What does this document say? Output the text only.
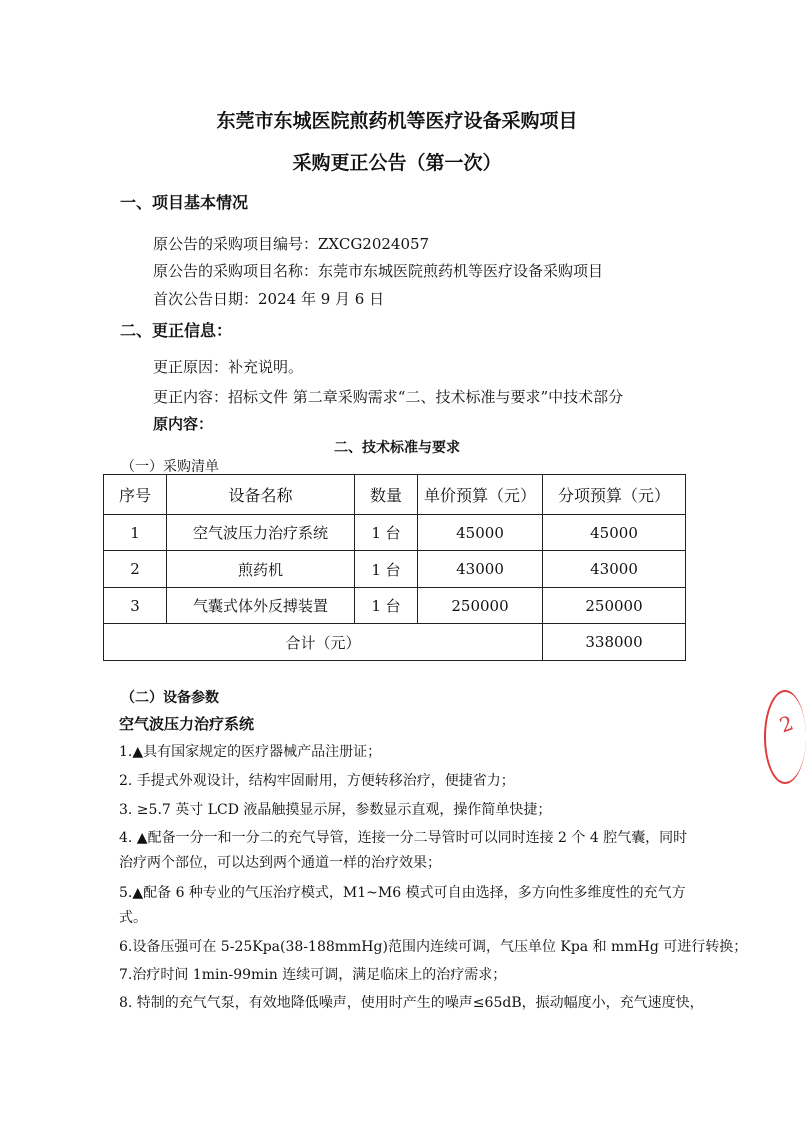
东莞市东城医院煎药机等医疗设备采购项目
采购更正公告（第一次）
一、项目基本情况
原公告的采购项目编号：ZXCG2024057
原公告的采购项目名称：东莞市东城医院煎药机等医疗设备采购项目
首次公告日期：2024 年 9 月 6 日
二、更正信息：
更正原因：补充说明。
更正内容：招标文件 第二章采购需求“二、技术标准与要求”中技术部分
原内容：
二、技术标准与要求
（一）采购清单
序号	设备名称	数量	单价预算（元）	分项预算（元）
1	空气波压力治疗系统	1 台	45000	45000
2	煎药机	1 台	43000	43000
3	气囊式体外反搏装置	1 台	250000	250000
合计（元）				338000
（二）设备参数
空气波压力治疗系统
1.▲具有国家规定的医疗器械产品注册证；
2. 手提式外观设计，结构牢固耐用，方便转移治疗，便捷省力；
3. ≥5.7 英寸 LCD 液晶触摸显示屏，参数显示直观，操作简单快捷；
4. ▲配备一分一和一分二的充气导管，连接一分二导管时可以同时连接 2 个 4 腔气囊，同时
治疗两个部位，可以达到两个通道一样的治疗效果；
5.▲配备 6 种专业的气压治疗模式，M1~M6 模式可自由选择，多方向性多维度性的充气方
式。
6.设备压强可在 5-25Kpa(38-188mmHg)范围内连续可调，气压单位 Kpa 和 mmHg 可进行转换；
7.治疗时间 1min-99min 连续可调，满足临床上的治疗需求；
8. 特制的充气气泵，有效地降低噪声，使用时产生的噪声≤65dB，振动幅度小，充气速度快，
2
